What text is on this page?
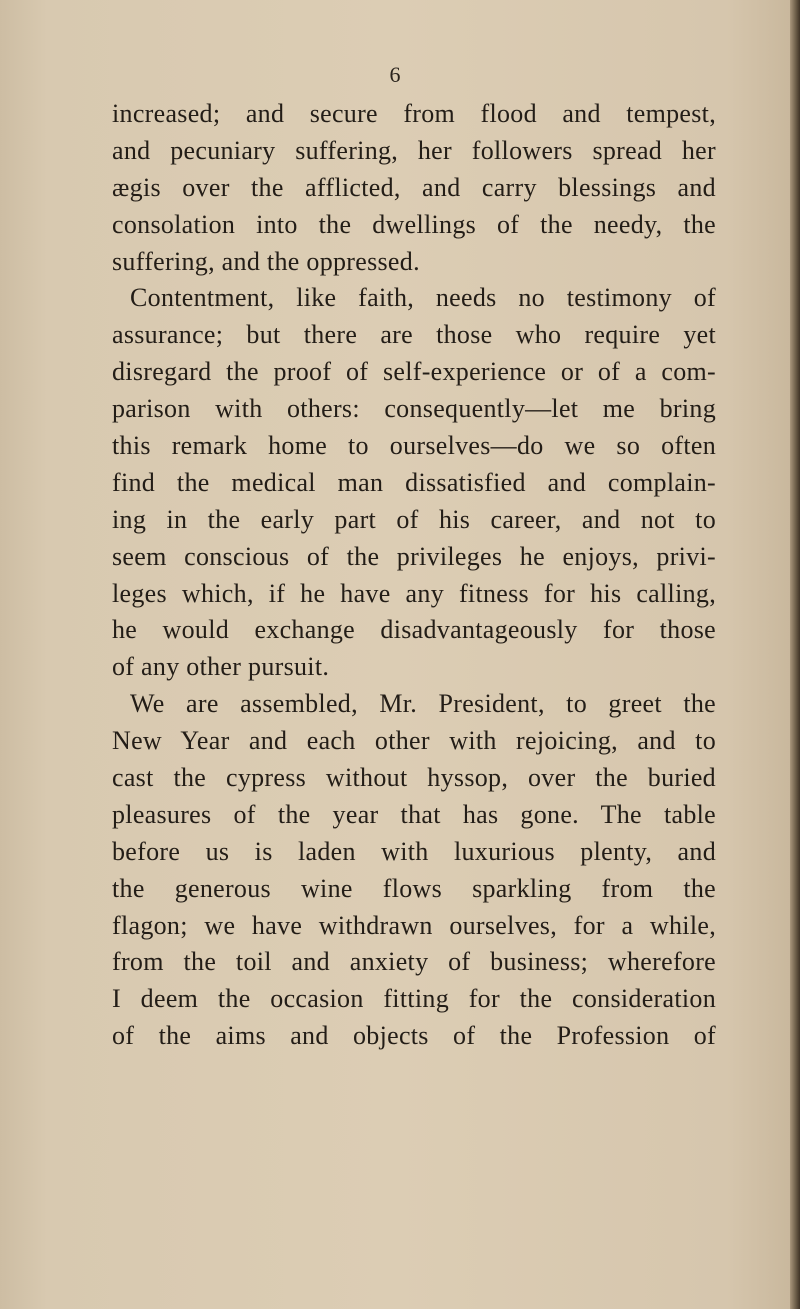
6
increased; and secure from flood and tempest,
and pecuniary suffering, her followers spread her
ægis over the afflicted, and carry blessings and
consolation into the dwellings of the needy, the
suffering, and the oppressed.
Contentment, like faith, needs no testimony of
assurance; but there are those who require yet
disregard the proof of self-experience or of a com-
parison with others: consequently—let me bring
this remark home to ourselves—do we so often
find the medical man dissatisfied and complain-
ing in the early part of his career, and not to
seem conscious of the privileges he enjoys, privi-
leges which, if he have any fitness for his calling,
he would exchange disadvantageously for those
of any other pursuit.
We are assembled, Mr. President, to greet the
New Year and each other with rejoicing, and to
cast the cypress without hyssop, over the buried
pleasures of the year that has gone. The table
before us is laden with luxurious plenty, and
the generous wine flows sparkling from the
flagon; we have withdrawn ourselves, for a while,
from the toil and anxiety of business; wherefore
I deem the occasion fitting for the consideration
of the aims and objects of the Profession of
